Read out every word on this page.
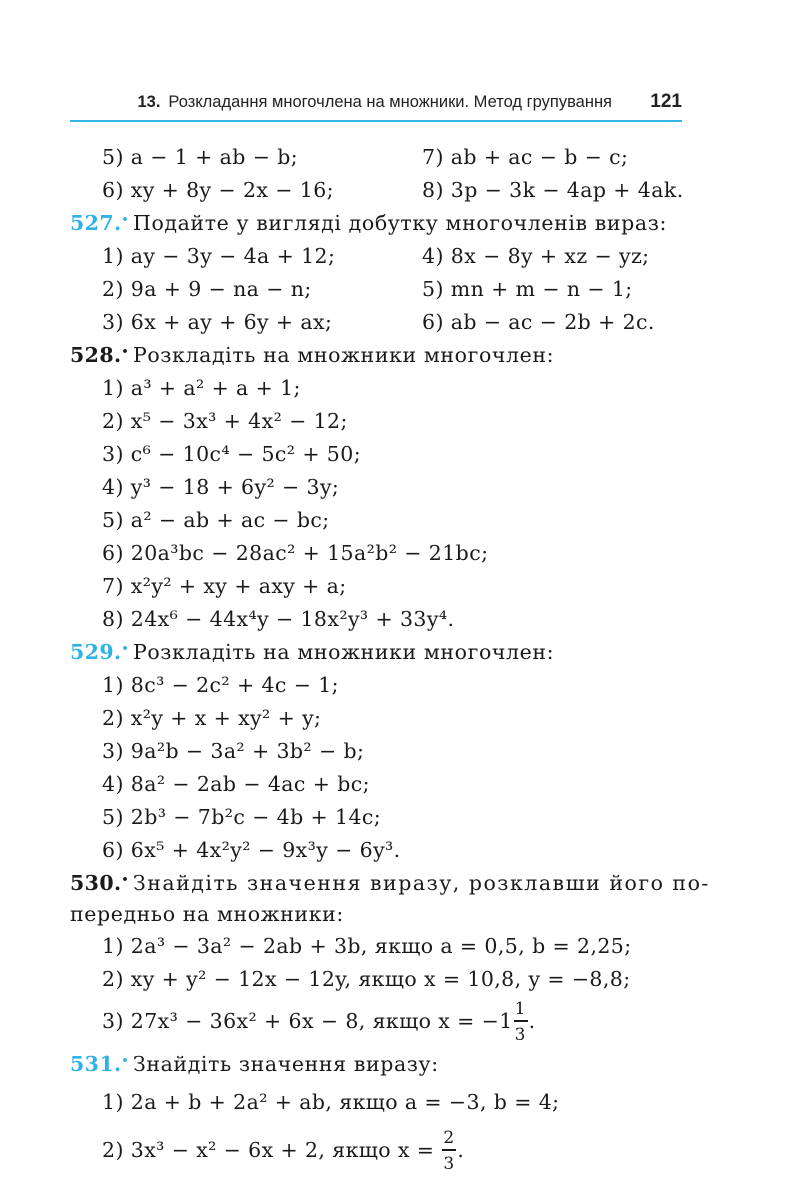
13. Розкладання многочлена на множники. Метод групування 121
5) a − 1 + ab − b;	7) ab + ac − b − c;
6) xy + 8y − 2x − 16;	8) 3p − 3k − 4ap + 4ak.
527.• Подайте у вигляді добутку многочленів вираз:
1) ay − 3y − 4a + 12;	4) 8x − 8y + xz − yz;
2) 9a + 9 − na − n;	5) mn + m − n − 1;
3) 6x + ay + 6y + ax;	6) ab − ac − 2b + 2c.
528.• Розкладіть на множники многочлен:
1) a³ + a² + a + 1;
2) x⁵ − 3x³ + 4x² − 12;
3) c⁶ − 10c⁴ − 5c² + 50;
4) y³ − 18 + 6y² − 3y;
5) a² − ab + ac − bc;
6) 20a³bc − 28ac² + 15a²b² − 21bc;
7) x²y² + xy + axy + a;
8) 24x⁶ − 44x⁴y − 18x²y³ + 33y⁴.
529.• Розкладіть на множники многочлен:
1) 8c³ − 2c² + 4c − 1;
2) x²y + x + xy² + y;
3) 9a²b − 3a² + 3b² − b;
4) 8a² − 2ab − 4ac + bc;
5) 2b³ − 7b²c − 4b + 14c;
6) 6x⁵ + 4x²y² − 9x³y − 6y³.
530.• Знайдіть значення виразу, розклавши його по-
передньо на множники:
1) 2a³ − 3a² − 2ab + 3b, якщо a = 0,5, b = 2,25;
2) xy + y² − 12x − 12y, якщо x = 10,8, y = −8,8;
3) 27x³ − 36x² + 6x − 8, якщо $x = -1 \frac{1}{3}$ .
531.• Знайдіть значення виразу:
1) 2a + b + 2a² + ab, якщо a = −3, b = 4;
2) 3x³ − x² − 6x + 2, якщо x =
$\frac{2}{3}$ .
